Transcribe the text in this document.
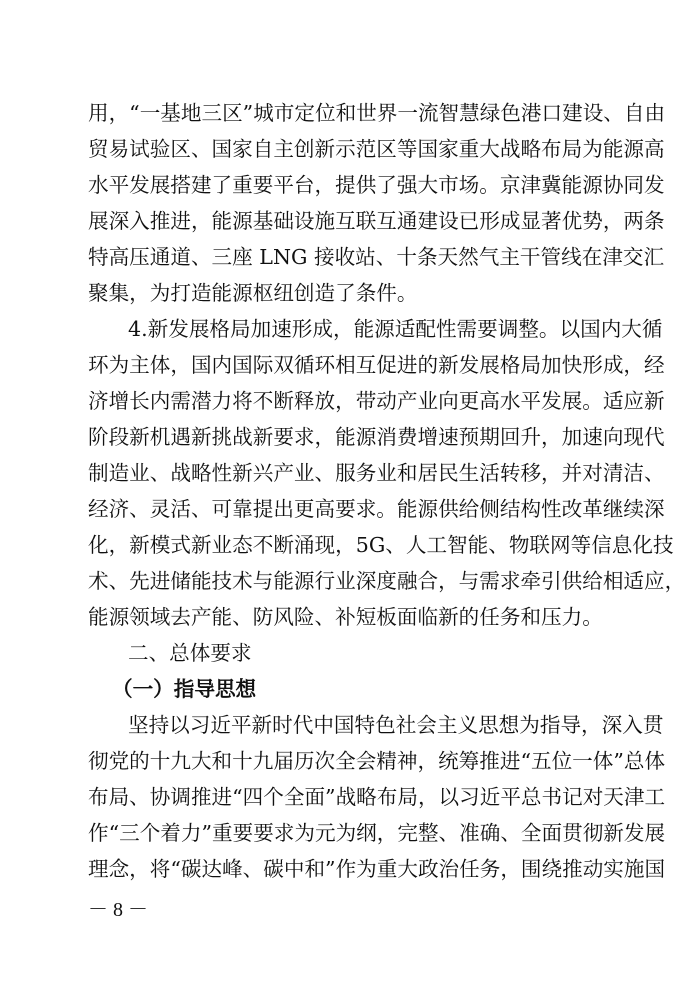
用，“一基地三区”城市定位和世界一流智慧绿色港口建设、自由
贸易试验区、国家自主创新示范区等国家重大战略布局为能源高
水平发展搭建了重要平台，提供了强大市场。京津冀能源协同发
展深入推进，能源基础设施互联互通建设已形成显著优势，两条
特高压通道、三座 LNG 接收站、十条天然气主干管线在津交汇
聚集，为打造能源枢纽创造了条件。
4.新发展格局加速形成，能源适配性需要调整。以国内大循
环为主体，国内国际双循环相互促进的新发展格局加快形成，经
济增长内需潜力将不断释放，带动产业向更高水平发展。适应新
阶段新机遇新挑战新要求，能源消费增速预期回升，加速向现代
制造业、战略性新兴产业、服务业和居民生活转移，并对清洁、
经济、灵活、可靠提出更高要求。能源供给侧结构性改革继续深
化，新模式新业态不断涌现，5G、人工智能、物联网等信息化技
术、先进储能技术与能源行业深度融合，与需求牵引供给相适应，
能源领域去产能、防风险、补短板面临新的任务和压力。
二、总体要求
（一）指导思想
坚持以习近平新时代中国特色社会主义思想为指导，深入贯
彻党的十九大和十九届历次全会精神，统筹推进“五位一体”总体
布局、协调推进“四个全面”战略布局，以习近平总书记对天津工
作“三个着力”重要要求为元为纲，完整、准确、全面贯彻新发展
理念，将“碳达峰、碳中和”作为重大政治任务，围绕推动实施国
－ 8 －
